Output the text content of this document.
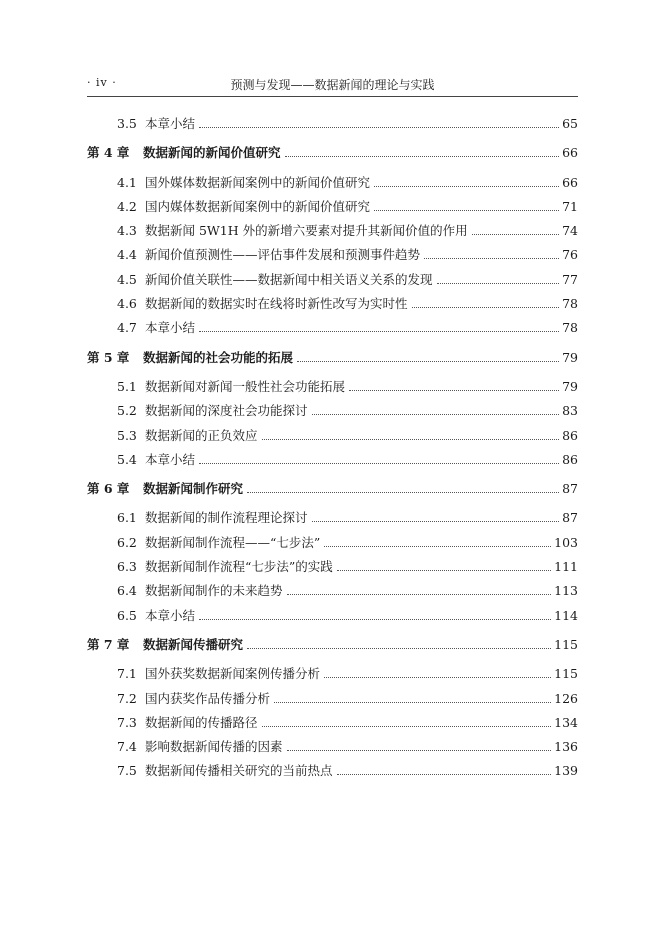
· iv ·	预测与发现——数据新闻的理论与实践
3.5 本章小结	65
第 4 章	数据新闻的新闻价值研究	66
4.1 国外媒体数据新闻案例中的新闻价值研究	66
4.2 国内媒体数据新闻案例中的新闻价值研究	71
4.3 数据新闻 5W1H 外的新增六要素对提升其新闻价值的作用	74
4.4 新闻价值预测性——评估事件发展和预测事件趋势	76
4.5 新闻价值关联性——数据新闻中相关语义关系的发现	77
4.6 数据新闻的数据实时在线将时新性改写为实时性	78
4.7 本章小结	78
第 5 章	数据新闻的社会功能的拓展	79
5.1 数据新闻对新闻一般性社会功能拓展	79
5.2 数据新闻的深度社会功能探讨	83
5.3 数据新闻的正负效应	86
5.4 本章小结	86
第 6 章	数据新闻制作研究	87
6.1 数据新闻的制作流程理论探讨	87
6.2 数据新闻制作流程——“七步法”	103
6.3 数据新闻制作流程“七步法”的实践	111
6.4 数据新闻制作的未来趋势	113
6.5 本章小结	114
第 7 章	数据新闻传播研究	115
7.1 国外获奖数据新闻案例传播分析	115
7.2 国内获奖作品传播分析	126
7.3 数据新闻的传播路径	134
7.4 影响数据新闻传播的因素	136
7.5 数据新闻传播相关研究的当前热点	139
